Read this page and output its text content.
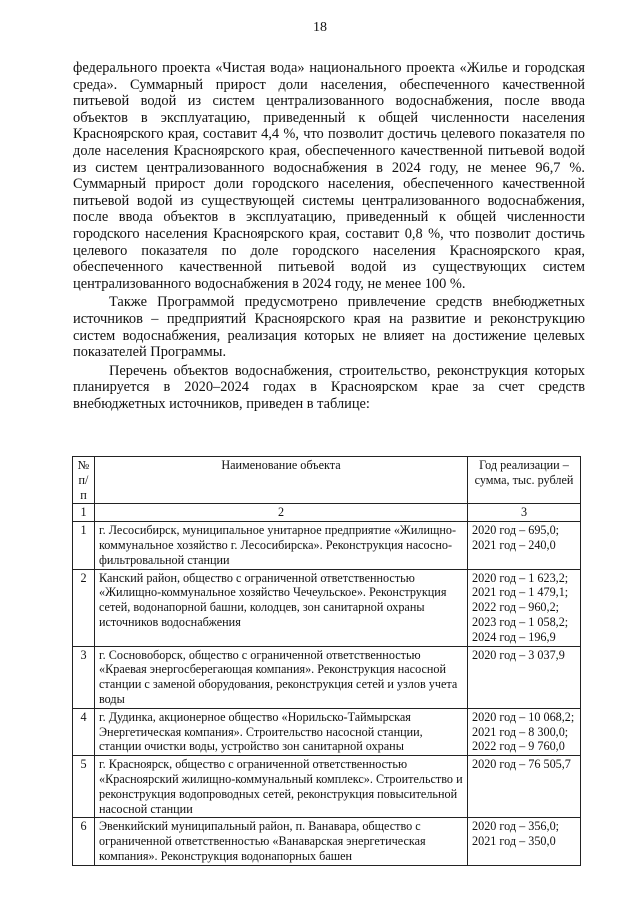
18

федерального проекта «Чистая вода» национального проекта «Жилье и городская среда». Суммарный прирост доли населения, обеспеченного качественной питьевой водой из систем централизованного водоснабжения, после ввода объектов в эксплуатацию, приведенный к общей численности населения Красноярского края, составит 4,4 %, что позволит достичь целевого показателя по доле населения Красноярского края, обеспеченного качественной питьевой водой из систем централизованного водоснабжения в 2024 году, не менее 96,7 %. Суммарный прирост доли городского населения, обеспеченного качественной питьевой водой из существующей системы централизованного водоснабжения, после ввода объектов в эксплуатацию, приведенный к общей численности городского населения Красноярского края, составит 0,8 %, что позволит достичь целевого показателя по доле городского населения Красноярского края, обеспеченного качественной питьевой водой из существующих систем централизованного водоснабжения в 2024 году, не менее 100 %.

Также Программой предусмотрено привлечение средств внебюджетных источников – предприятий Красноярского края на развитие и реконструкцию систем водоснабжения, реализация которых не влияет на достижение целевых показателей Программы.

Перечень объектов водоснабжения, строительство, реконструкция которых планируется в 2020–2024 годах в Красноярском крае за счет средств внебюджетных источников, приведен в таблице:

№ п/п	Наименование объекта	Год реализации – сумма, тыс. рублей
1	2	3
1	г. Лесосибирск, муниципальное унитарное предприятие «Жилищно-коммунальное хозяйство г. Лесосибирска». Реконструкция насосно-фильтровальной станции	2020 год – 695,0;
2021 год – 240,0

2	Канский район, общество с ограниченной ответственностью «Жилищно-коммунальное хозяйство Чечеульское». Реконструкция сетей, водонапорной башни, колодцев, зон санитарной охраны источников водоснабжения	2020 год – 1 623,2;
2021 год – 1 479,1;
2022 год – 960,2;
2023 год – 1 058,2;
2024 год – 196,9

3	г. Сосновоборск, общество с ограниченной ответственностью «Краевая энергосберегающая компания». Реконструкция насосной станции с заменой оборудования, реконструкция сетей и узлов учета воды	2020 год – 3 037,9

4	г. Дудинка, акционерное общество «Норильско-Таймырская Энергетическая компания». Строительство насосной станции, станции очистки воды, устройство зон санитарной охраны	2020 год – 10 068,2;
2021 год – 8 300,0;
2022 год – 9 760,0

5	г. Красноярск, общество с ограниченной ответственностью «Красноярский жилищно-коммунальный комплекс». Строительство и реконструкция водопроводных сетей, реконструкция повысительной насосной станции	2020 год – 76 505,7

6	Эвенкийский муниципальный район, п. Ванавара, общество с ограниченной ответственностью «Ванаварская энергетическая компания». Реконструкция водонапорных башен	2020 год – 356,0;
2021 год – 350,0
